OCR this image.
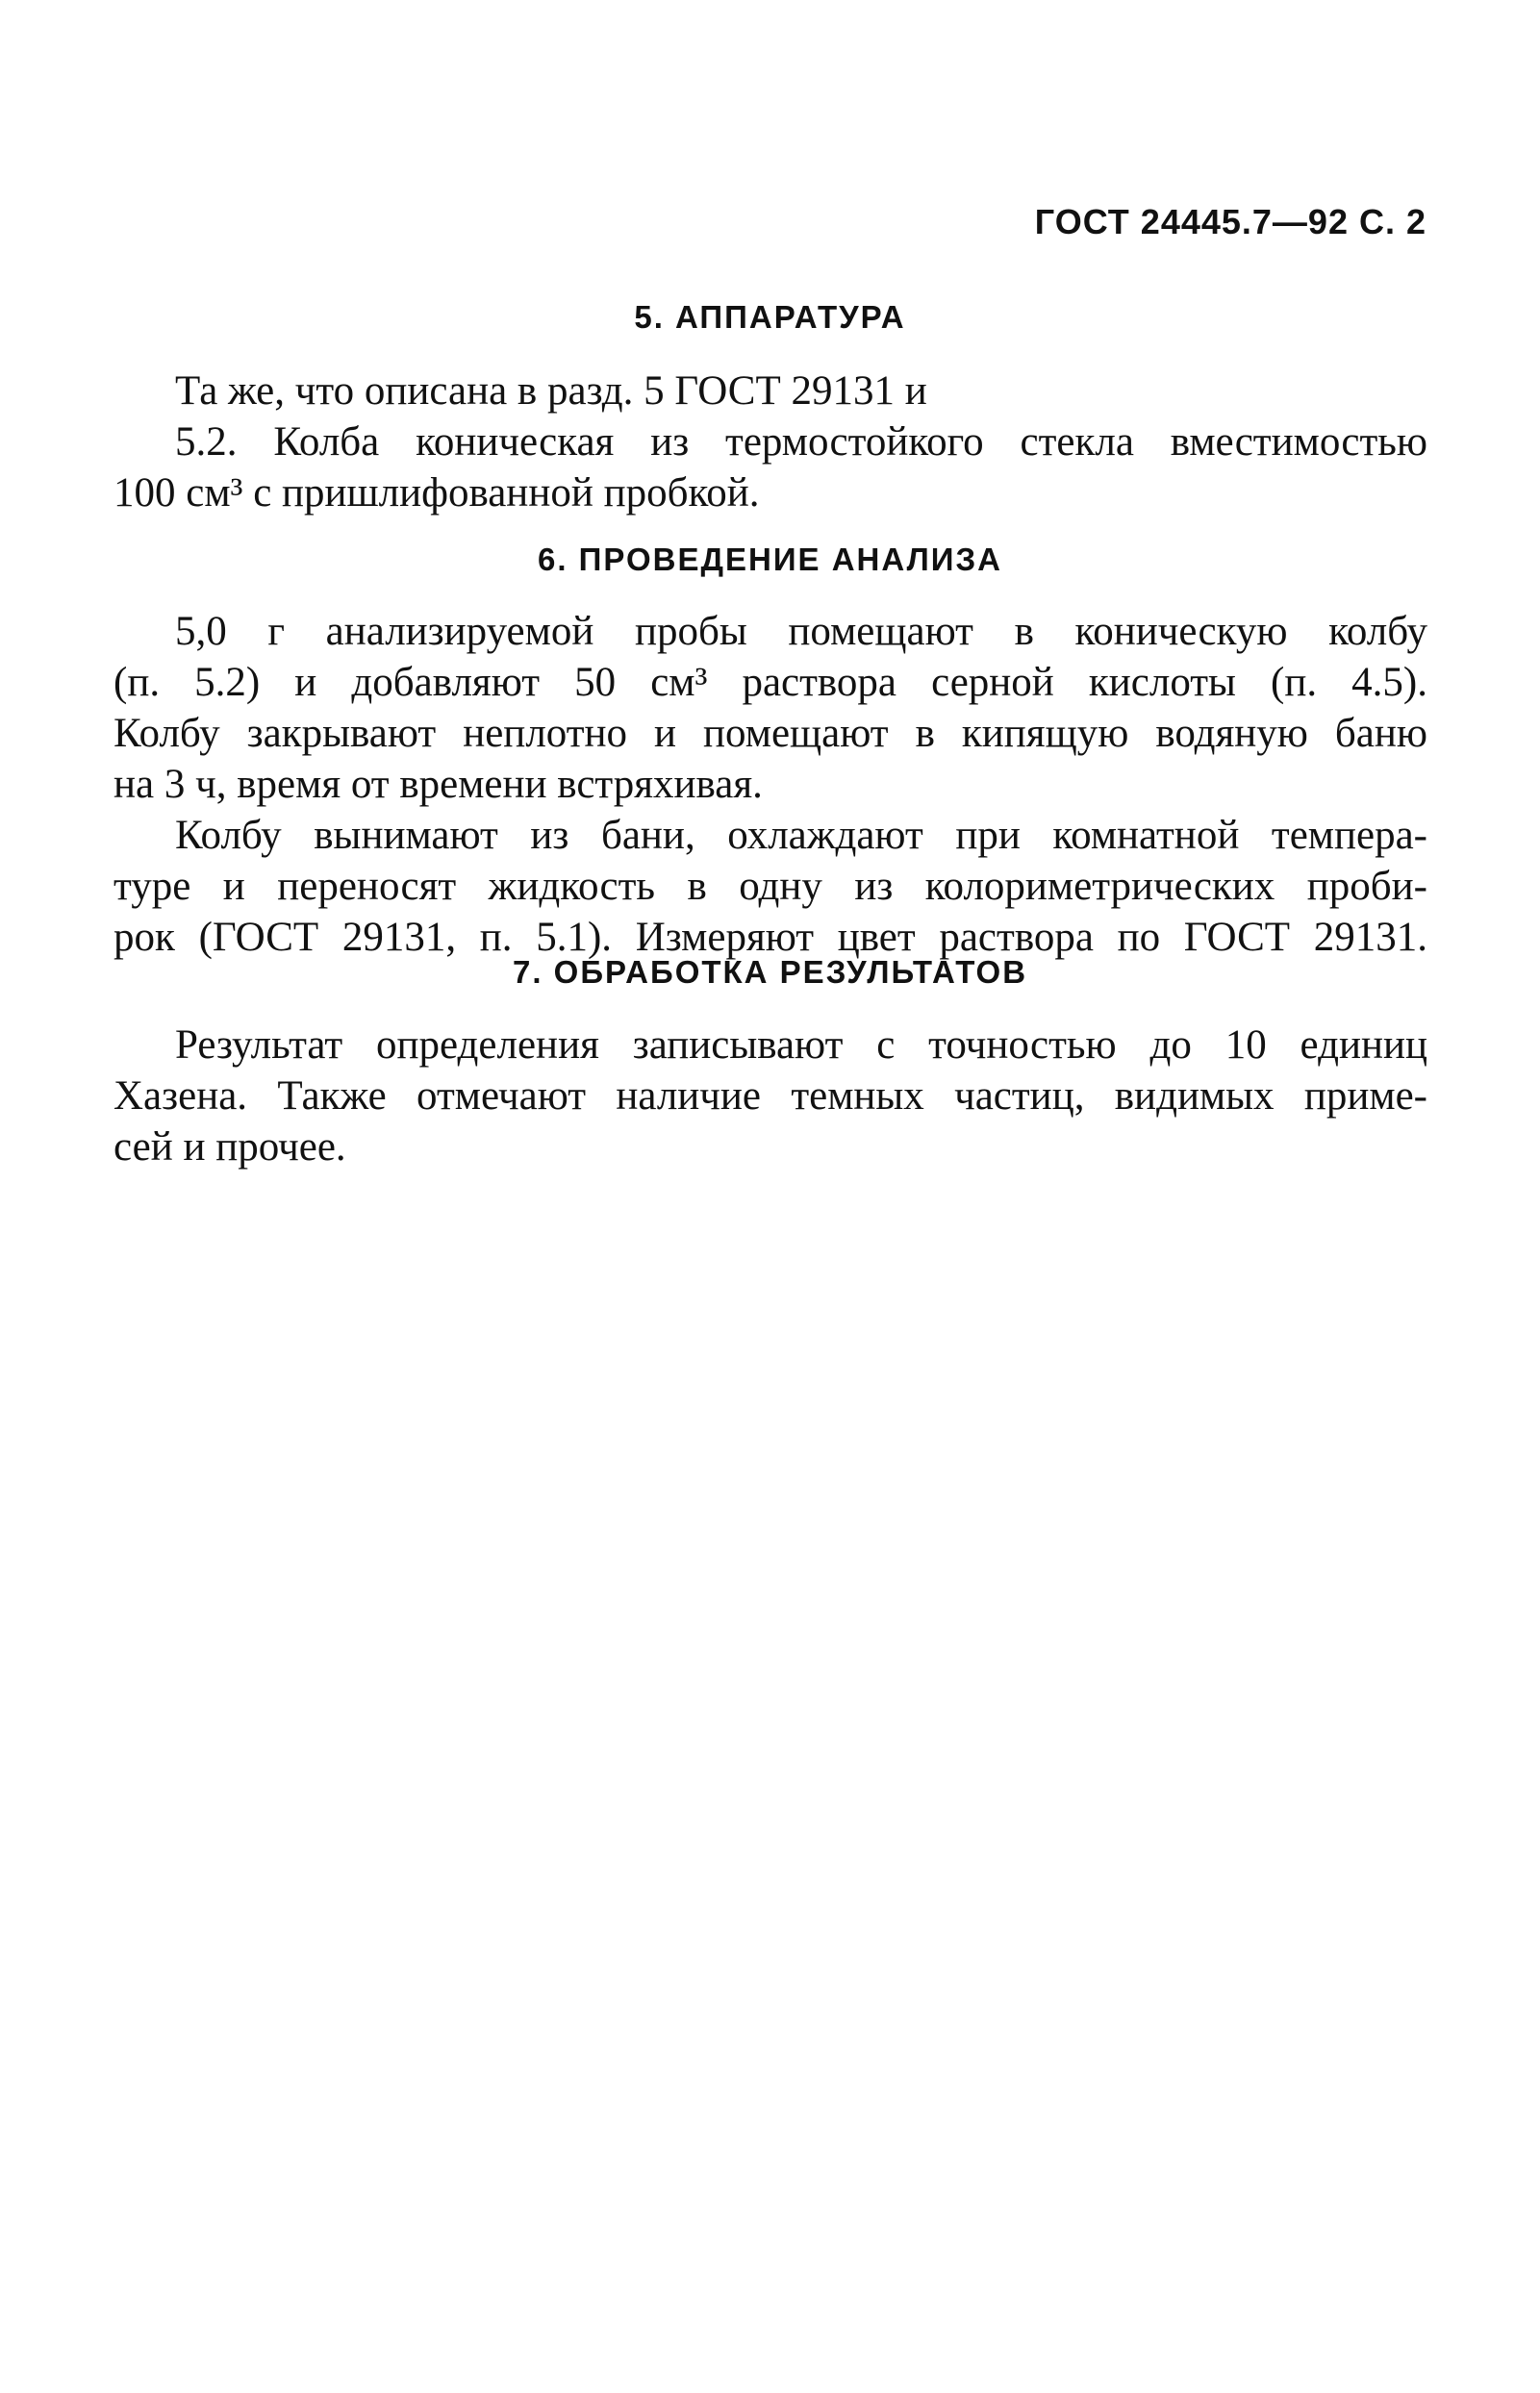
ГОСТ 24445.7—92 С. 2
5. АППАРАТУРА
Та же, что описана в разд. 5 ГОСТ 29131 и
5.2. Колба коническая из термостойкого стекла вместимостью
100 см³ с пришлифованной пробкой.
6. ПРОВЕДЕНИЕ АНАЛИЗА
5,0 г анализируемой пробы помещают в коническую колбу
(п. 5.2) и добавляют 50 см³ раствора серной кислоты (п. 4.5).
Колбу закрывают неплотно и помещают в кипящую водяную баню
на 3 ч, время от времени встряхивая.
Колбу вынимают из бани, охлаждают при комнатной темпера-
туре и переносят жидкость в одну из колориметрических проби-
рок (ГОСТ 29131, п. 5.1). Измеряют цвет раствора по ГОСТ 29131.
7. ОБРАБОТКА РЕЗУЛЬТАТОВ
Результат определения записывают с точностью до 10 единиц
Хазена. Также отмечают наличие темных частиц, видимых приме-
сей и прочее.
